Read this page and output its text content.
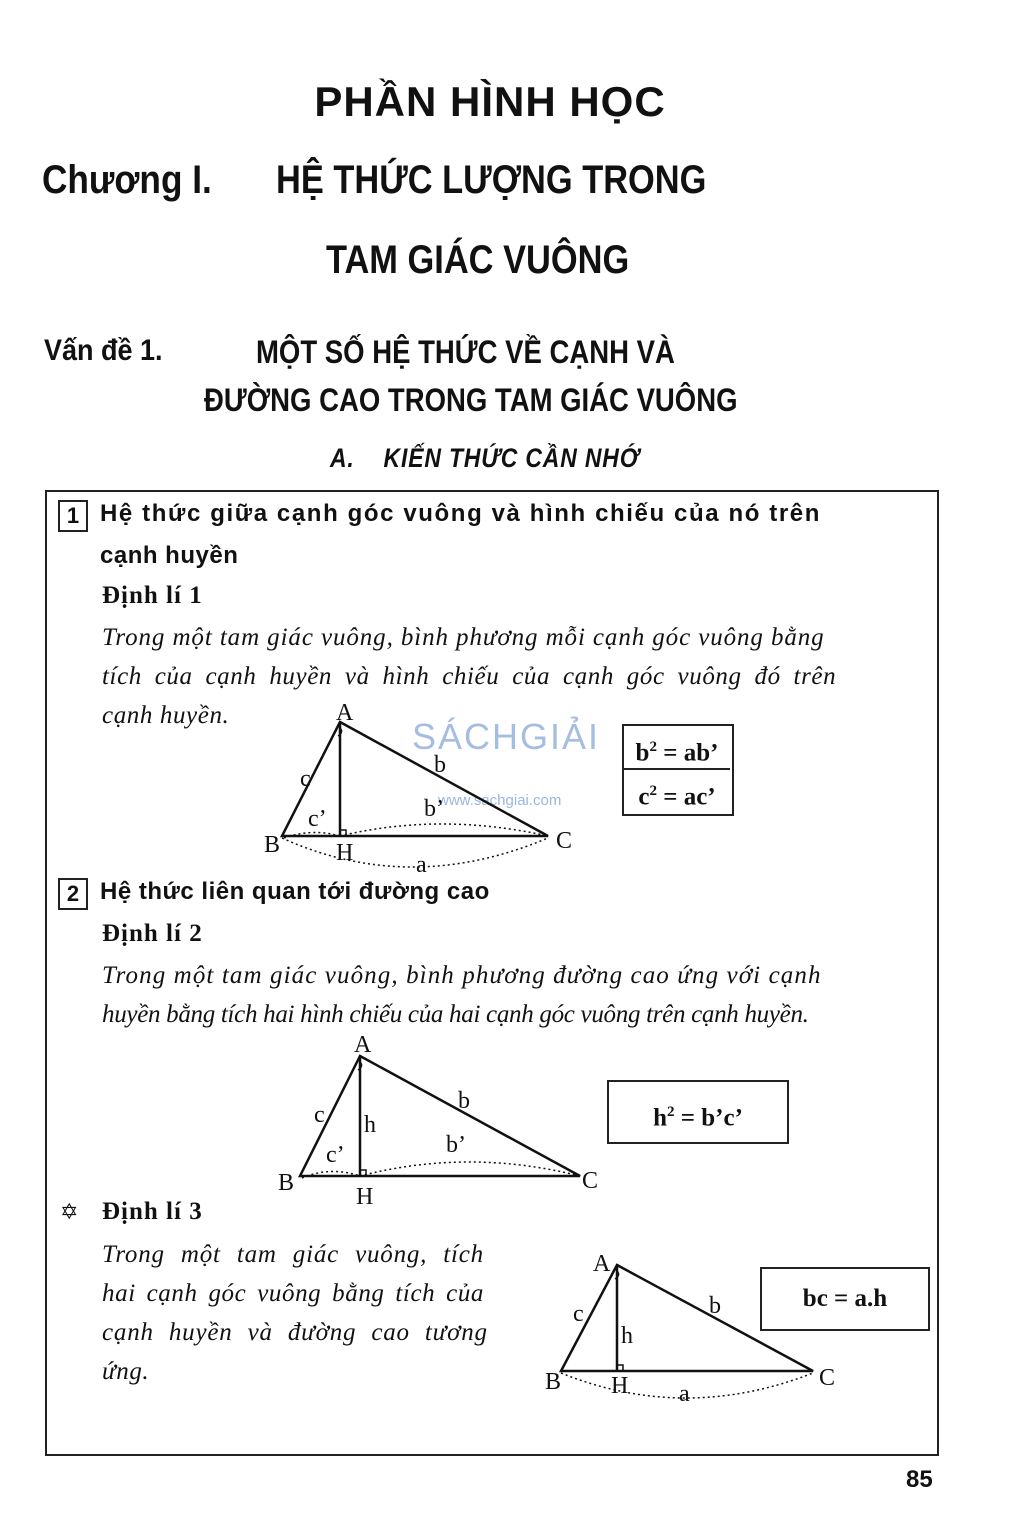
PHẦN HÌNH HỌC
Chương I. HỆ THỨC LƯỢNG TRONG
TAM GIÁC VUÔNG
Vấn đề 1.	MỘT SỐ HỆ THỨC VỀ CẠNH VÀ
ĐƯỜNG CAO TRONG TAM GIÁC VUÔNG
A.    KIẾN THỨC CẦN NHỚ
1 Hệ thức giữa cạnh góc vuông và hình chiếu của nó trên
cạnh huyền
Định lí 1
Trong một tam giác vuông, bình phương mỗi cạnh góc vuông bằng
tích của cạnh huyền và hình chiếu của cạnh góc vuông đó trên
cạnh huyền.
SÁCHGIẢI
www.sachgiai.com
A
B	C
H
b
c
b’
c’
a
$b^2$ = ab’
$c^2$ = ac’
2 Hệ thức liên quan tới đường cao
Định lí 2
Trong một tam giác vuông, bình phương đường cao ứng với cạnh
huyền bằng tích hai hình chiếu của hai cạnh góc vuông trên cạnh huyền.
A
B	C
H
b
c h
b’
c’
$h^2$ = b’c’
✡ Định lí 3
Trong một tam giác vuông, tích
hai cạnh góc vuông bằng tích của
cạnh huyền và đường cao tương
ứng.
A
B	C
H
b
c
h
a
bc = a.h
85
